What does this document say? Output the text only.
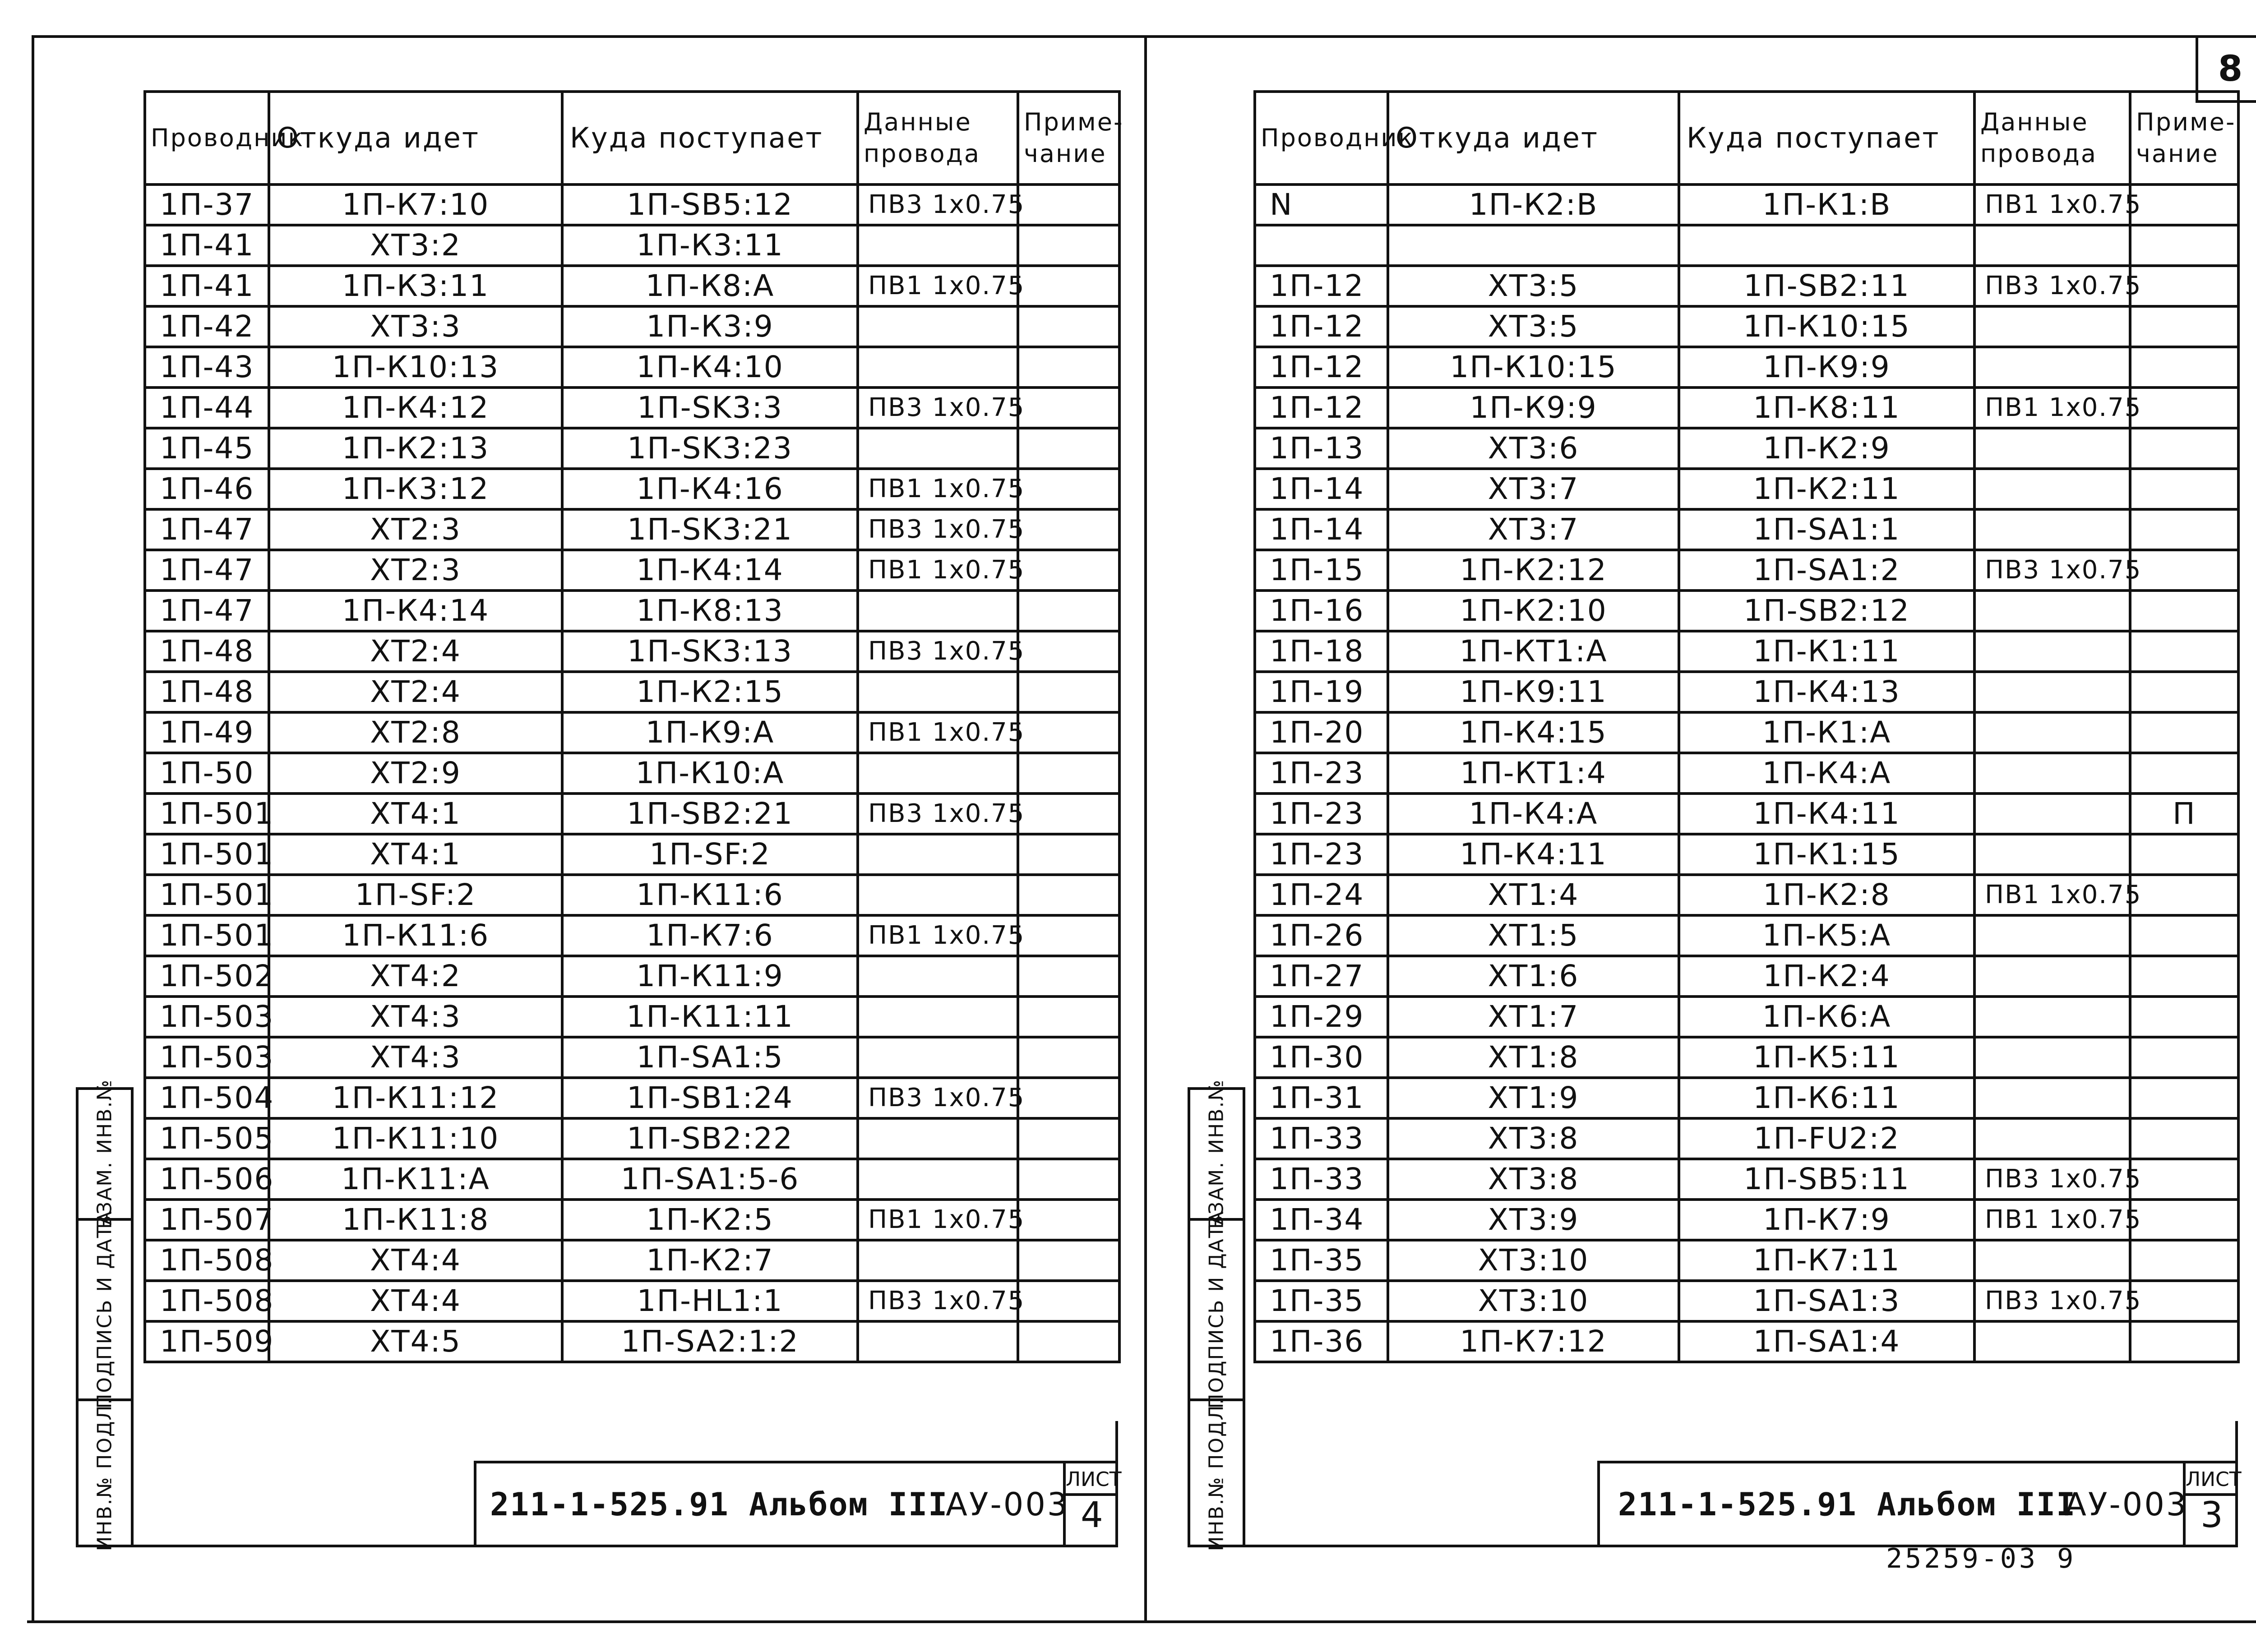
8
Проводник	Откуда идет	Куда поступает	Данные провода	Приме-чание
1П-37	1П-К7:10	1П-SB5:12	ПВ3 1x0.75	
1П-41	ХТ3:2	1П-К3:11		
1П-41	1П-К3:11	1П-К8:А	ПВ1 1x0.75	
1П-42	ХТ3:3	1П-К3:9		
1П-43	1П-К10:13	1П-К4:10		
1П-44	1П-К4:12	1П-SK3:3	ПВ3 1x0.75	
1П-45	1П-К2:13	1П-SK3:23		
1П-46	1П-К3:12	1П-К4:16	ПВ1 1x0.75	
1П-47	ХТ2:3	1П-SK3:21	ПВ3 1x0.75	
1П-47	ХТ2:3	1П-К4:14	ПВ1 1x0.75	
1П-47	1П-К4:14	1П-К8:13		
1П-48	ХТ2:4	1П-SK3:13	ПВ3 1x0.75	
1П-48	ХТ2:4	1П-К2:15		
1П-49	ХТ2:8	1П-К9:А	ПВ1 1x0.75	
1П-50	ХТ2:9	1П-К10:А		
1П-501	ХТ4:1	1П-SB2:21	ПВ3 1x0.75	
1П-501	ХТ4:1	1П-SF:2		
1П-501	1П-SF:2	1П-К11:6		
1П-501	1П-К11:6	1П-К7:6	ПВ1 1x0.75	
1П-502	ХТ4:2	1П-К11:9		
1П-503	ХТ4:3	1П-К11:11		
1П-503	ХТ4:3	1П-SA1:5		
1П-504	1П-К11:12	1П-SB1:24	ПВ3 1x0.75	
1П-505	1П-К11:10	1П-SB2:22		
1П-506	1П-К11:А	1П-SA1:5-6		
1П-507	1П-К11:8	1П-К2:5	ПВ1 1x0.75	
1П-508	ХТ4:4	1П-К2:7		
1П-508	ХТ4:4	1П-HL1:1	ПВ3 1x0.75	
1П-509	ХТ4:5	1П-SA2:1:2		
ВЗАМ. ИНВ.№
ПОДПИСЬ И ДАТА
ИНВ.№ ПОДЛ.	211-1-525.91 Альбом III
АУ-003
ЛИСТ
4
Проводник	Откуда идет	Куда поступает	Данные провода	Приме-чание
N	1П-К2:В	1П-К1:В	ПВ1 1x0.75	

1П-12	ХТ3:5	1П-SB2:11	ПВ3 1x0.75	
1П-12	ХТ3:5	1П-К10:15		
1П-12	1П-К10:15	1П-К9:9		
1П-12	1П-К9:9	1П-К8:11	ПВ1 1x0.75	
1П-13	ХТ3:6	1П-К2:9		
1П-14	ХТ3:7	1П-К2:11		
1П-14	ХТ3:7	1П-SA1:1		
1П-15	1П-К2:12	1П-SA1:2	ПВ3 1x0.75	
1П-16	1П-К2:10	1П-SB2:12		
1П-18	1П-КТ1:А	1П-К1:11		
1П-19	1П-К9:11	1П-К4:13		
1П-20	1П-К4:15	1П-К1:А		
1П-23	1П-КТ1:4	1П-К4:А		
1П-23	1П-К4:А	1П-К4:11		П
1П-23	1П-К4:11	1П-К1:15		
1П-24	ХТ1:4	1П-К2:8	ПВ1 1x0.75	
1П-26	ХТ1:5	1П-К5:А		
1П-27	ХТ1:6	1П-К2:4		
1П-29	ХТ1:7	1П-К6:А		
1П-30	ХТ1:8	1П-К5:11		
1П-31	ХТ1:9	1П-К6:11		
1П-33	ХТ3:8	1П-FU2:2		
1П-33	ХТ3:8	1П-SB5:11	ПВ3 1x0.75	
1П-34	ХТ3:9	1П-К7:9	ПВ1 1x0.75	
1П-35	ХТ3:10	1П-К7:11		
1П-35	ХТ3:10	1П-SA1:3	ПВ3 1x0.75	
1П-36	1П-К7:12	1П-SA1:4		
ВЗАМ. ИНВ.№
ПОДПИСЬ И ДАТА
ИНВ.№ ПОДЛ.	211-1-525.91 Альбом III
АУ-003
ЛИСТ
3
25259-03 9
